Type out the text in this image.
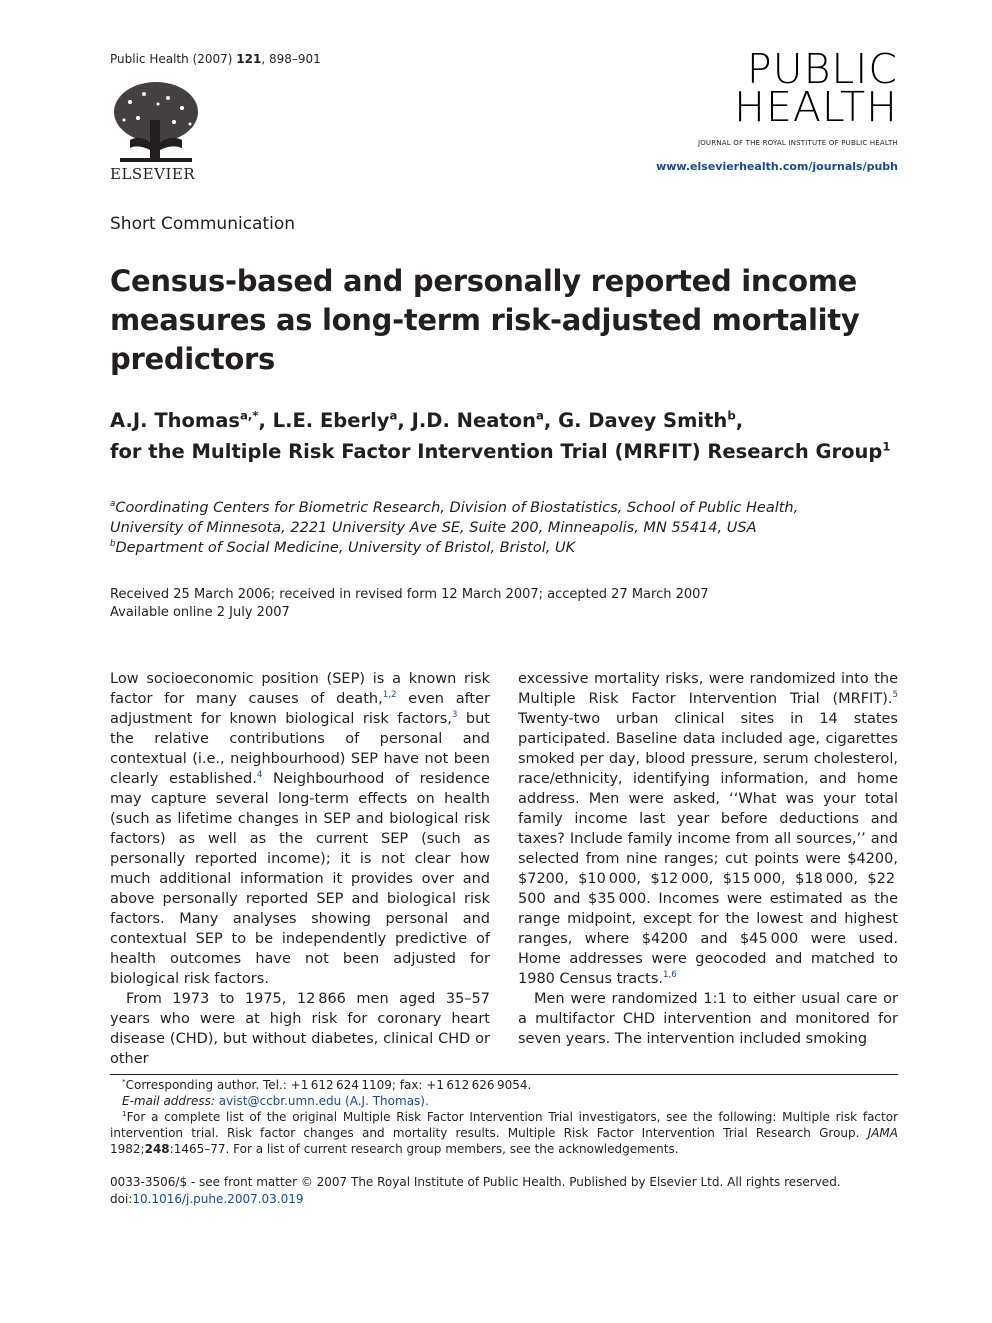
Public Health (2007) 121, 898–901
ELSEVIER
PUBLIC
HEALTH
JOURNAL OF THE ROYAL INSTITUTE OF PUBLIC HEALTH
www.elsevierhealth.com/journals/pubh
Short Communication
Census-based and personally reported income measures as long-term risk-adjusted mortality predictors
A.J. Thomas$^{a,*}$, L.E. Eberly$^a$, J.D. Neaton$^a$, G. Davey Smith$^b$,
for the Multiple Risk Factor Intervention Trial (MRFIT) Research Group$^1$
$^a$Coordinating Centers for Biometric Research, Division of Biostatistics, School of Public Health,
University of Minnesota, 2221 University Ave SE, Suite 200, Minneapolis, MN 55414, USA
$^b$Department of Social Medicine, University of Bristol, Bristol, UK
Received 25 March 2006; received in revised form 12 March 2007; accepted 27 March 2007
Available online 2 July 2007

Low socioeconomic position (SEP) is a known risk factor for many causes of death,$^{1,2}$ even after adjustment for known biological risk factors,$^3$ but the relative contributions of personal and contextual (i.e., neighbourhood) SEP have not been clearly established.$^4$ Neighbourhood of residence may capture several long-term effects on health (such as lifetime changes in SEP and biological risk factors) as well as the current SEP (such as personally reported income); it is not clear how much additional information it provides over and above personally reported SEP and biological risk factors. Many analyses showing personal and contextual SEP to be independently predictive of health outcomes have not been adjusted for biological risk factors.

From 1973 to 1975, 12 866 men aged 35–57 years who were at high risk for coronary heart disease (CHD), but without diabetes, clinical CHD or other

excessive mortality risks, were randomized into the Multiple Risk Factor Intervention Trial (MRFIT).$^5$ Twenty-two urban clinical sites in 14 states participated. Baseline data included age, cigarettes smoked per day, blood pressure, serum cholesterol, race/ethnicity, identifying information, and home address. Men were asked, ‘‘What was your total family income last year before deductions and taxes? Include family income from all sources,’’ and selected from nine ranges; cut points were $4200, $7200, $10 000, $12 000, $15 000, $18 000, $22 500 and $35 000. Incomes were estimated as the range midpoint, except for the lowest and highest ranges, where $4200 and $45 000 were used. Home addresses were geocoded and matched to 1980 Census tracts.$^{1,6}$

Men were randomized 1:1 to either usual care or a multifactor CHD intervention and monitored for seven years. The intervention included smoking

*Corresponding author. Tel.: +1 612 624 1109; fax: +1 612 626 9054.

E-mail address: avist@ccbr.umn.edu (A.J. Thomas).

$^1$For a complete list of the original Multiple Risk Factor Intervention Trial investigators, see the following: Multiple risk factor intervention trial. Risk factor changes and mortality results. Multiple Risk Factor Intervention Trial Research Group. JAMA 1982;248:1465–77. For a list of current research group members, see the acknowledgements.

0033-3506/$ - see front matter © 2007 The Royal Institute of Public Health. Published by Elsevier Ltd. All rights reserved.
doi:10.1016/j.puhe.2007.03.019
